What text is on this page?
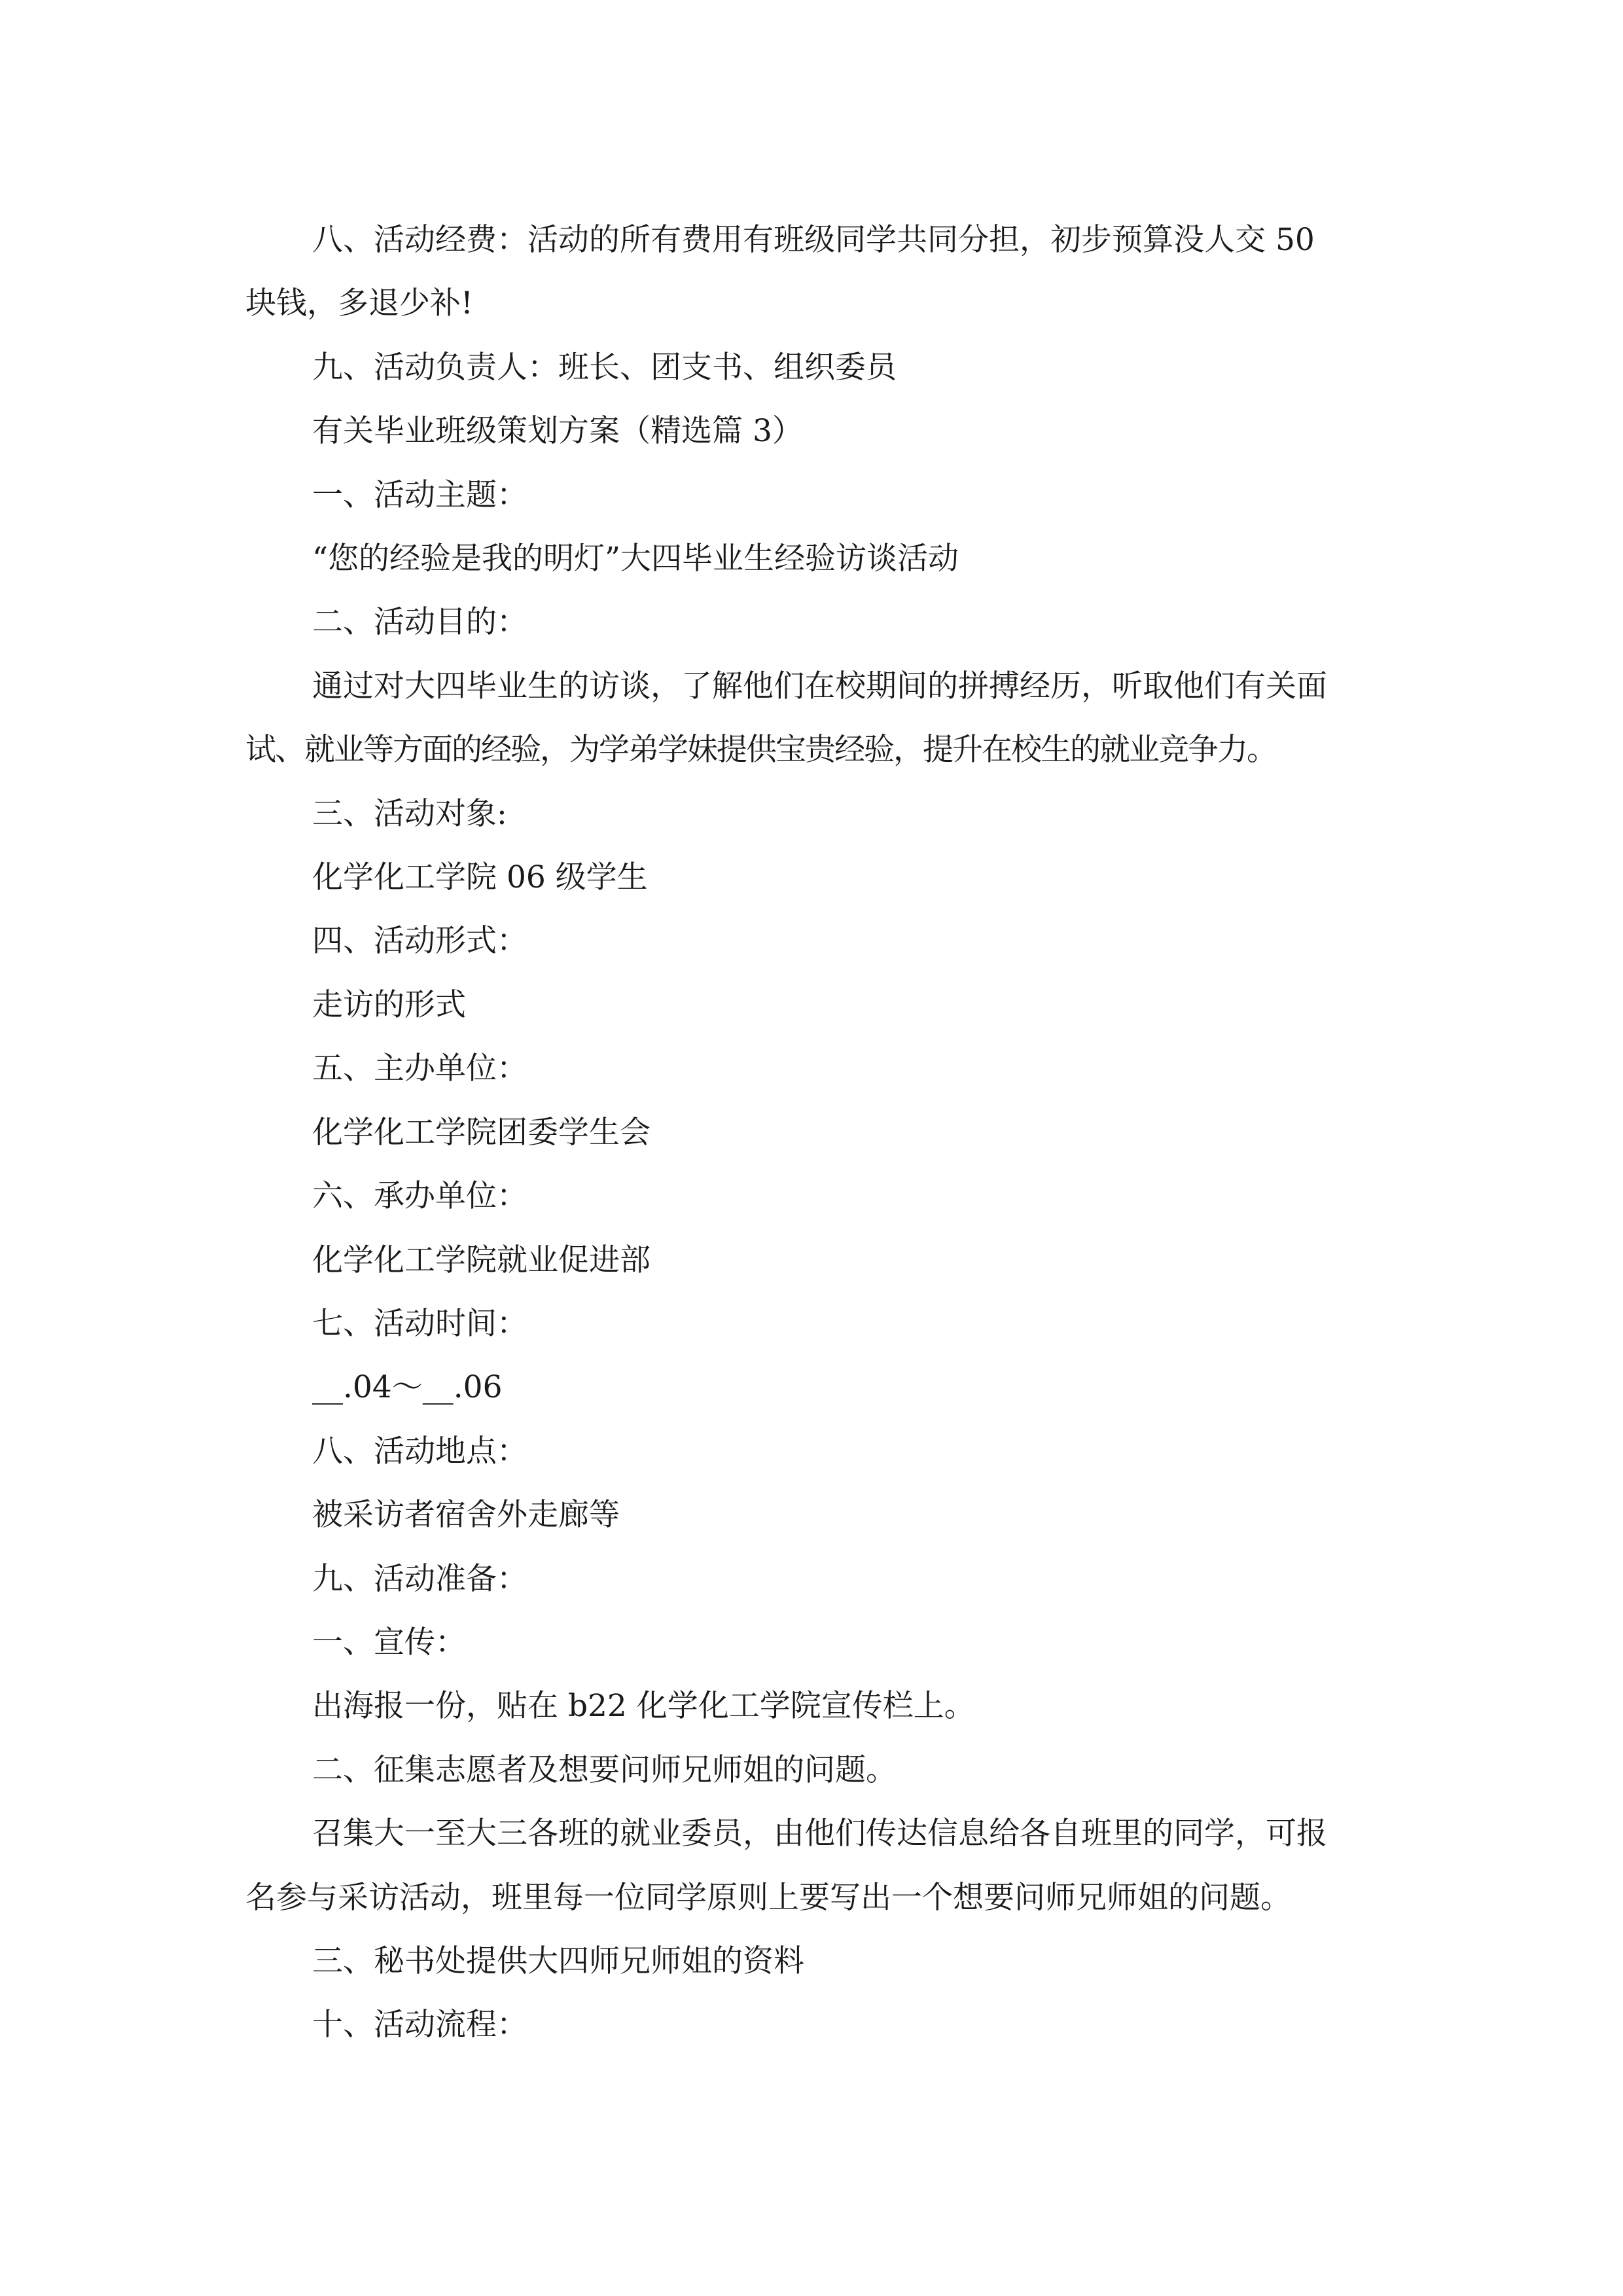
八、活动经费：活动的所有费用有班级同学共同分担，初步预算没人交 50
块钱，多退少补!
九、活动负责人：班长、团支书、组织委员
有关毕业班级策划方案（精选篇 3）
一、活动主题：
“您的经验是我的明灯”大四毕业生经验访谈活动
二、活动目的：
通过对大四毕业生的访谈，了解他们在校期间的拼搏经历，听取他们有关面
试、就业等方面的经验，为学弟学妹提供宝贵经验，提升在校生的就业竞争力。
三、活动对象:
化学化工学院 06 级学生
四、活动形式：
走访的形式
五、主办单位：
化学化工学院团委学生会
六、承办单位：
化学化工学院就业促进部
七、活动时间：
__.04～__.06
八、活动地点：
被采访者宿舍外走廊等
九、活动准备：
一、宣传：
出海报一份，贴在 b22 化学化工学院宣传栏上。
二、征集志愿者及想要问师兄师姐的问题。
召集大一至大三各班的就业委员，由他们传达信息给各自班里的同学，可报
名参与采访活动，班里每一位同学原则上要写出一个想要问师兄师姐的问题。
三、秘书处提供大四师兄师姐的资料
十、活动流程：
